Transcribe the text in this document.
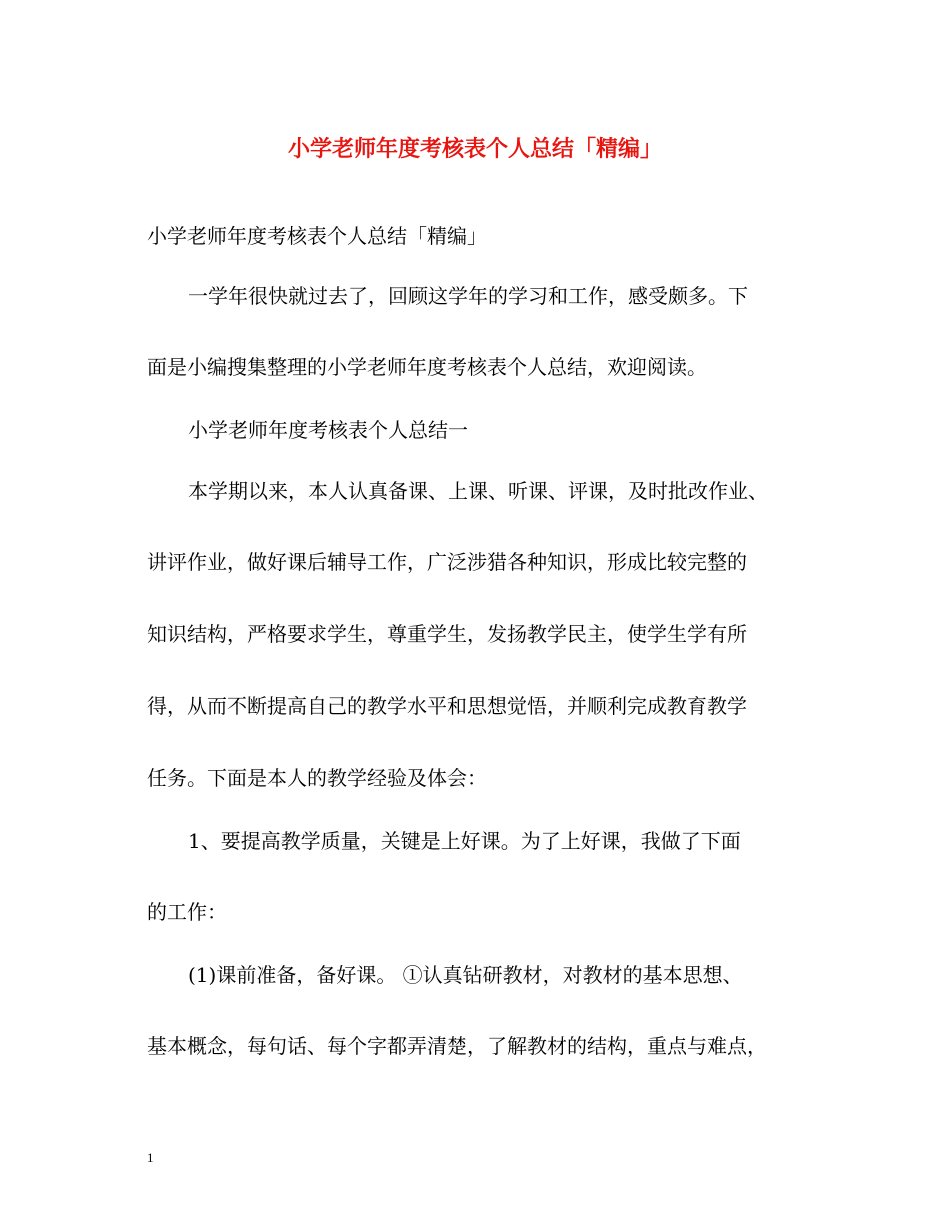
小学老师年度考核表个人总结「精编」
小学老师年度考核表个人总结「精编」
一学年很快就过去了，回顾这学年的学习和工作，感受颇多。下
面是小编搜集整理的小学老师年度考核表个人总结，欢迎阅读。
小学老师年度考核表个人总结一
本学期以来，本人认真备课、上课、听课、评课，及时批改作业、
讲评作业，做好课后辅导工作，广泛涉猎各种知识，形成比较完整的
知识结构，严格要求学生，尊重学生，发扬教学民主，使学生学有所
得，从而不断提高自己的教学水平和思想觉悟，并顺利完成教育教学
任务。下面是本人的教学经验及体会：
1、要提高教学质量，关键是上好课。为了上好课，我做了下面
的工作：
(1)课前准备，备好课。 ①认真钻研教材，对教材的基本思想、
基本概念，每句话、每个字都弄清楚，了解教材的结构，重点与难点，
1
